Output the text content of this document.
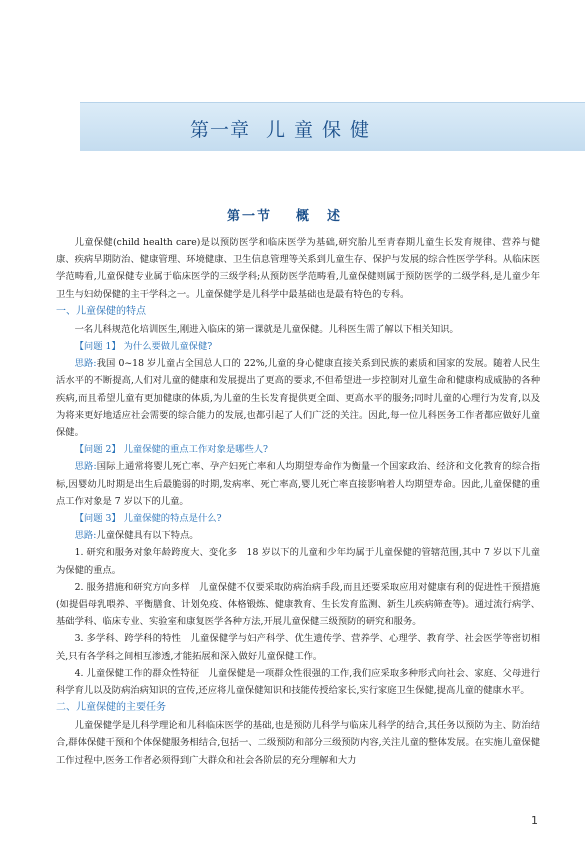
第一章 儿童保健
第一节 概述

儿童保健(child health care)是以预防医学和临床医学为基础,研究胎儿至青春期儿童生长发育规律、营养与健康、疾病早期防治、健康管理、环境健康、卫生信息管理等关系到儿童生存、保护与发展的综合性医学学科。从临床医学范畴看,儿童保健专业属于临床医学的三级学科;从预防医学范畴看,儿童保健则属于预防医学的二级学科,是儿童少年卫生与妇幼保健的主干学科之一。儿童保健学是儿科学中最基础也是最有特色的专科。

一、儿童保健的特点

一名儿科规范化培训医生,刚进入临床的第一课就是儿童保健。儿科医生需了解以下相关知识。

【问题 1】 为什么要做儿童保健?

思路:我国 0~18 岁儿童占全国总人口的 22%,儿童的身心健康直接关系到民族的素质和国家的发展。随着人民生活水平的不断提高,人们对儿童的健康和发展提出了更高的要求,不但希望进一步控制对儿童生命和健康构成威胁的各种疾病,而且希望儿童有更加健康的体质,为儿童的生长发育提供更全面、更高水平的服务;同时儿童的心理行为发育,以及为将来更好地适应社会需要的综合能力的发展,也都引起了人们广泛的关注。因此,每一位儿科医务工作者都应做好儿童保健。

【问题 2】 儿童保健的重点工作对象是哪些人?

思路:国际上通常将婴儿死亡率、孕产妇死亡率和人均期望寿命作为衡量一个国家政治、经济和文化教育的综合指标,因婴幼儿时期是出生后最脆弱的时期,发病率、死亡率高,婴儿死亡率直接影响着人均期望寿命。因此,儿童保健的重点工作对象是 7 岁以下的儿童。

【问题 3】 儿童保健的特点是什么?

思路:儿童保健具有以下特点。

1. 研究和服务对象年龄跨度大、变化多　18 岁以下的儿童和少年均属于儿童保健的管辖范围,其中 7 岁以下儿童为保健的重点。

2. 服务措施和研究方向多样　儿童保健不仅要采取防病治病手段,而且还要采取应用对健康有利的促进性干预措施(如提倡母乳喂养、平衡膳食、计划免疫、体格锻炼、健康教育、生长发育监测、新生儿疾病筛查等)。通过流行病学、基础学科、临床专业、实验室和康复医学各种方法,开展儿童保健三级预防的研究和服务。

3. 多学科、跨学科的特性　儿童保健学与妇产科学、优生遗传学、营养学、心理学、教育学、社会医学等密切相关,只有各学科之间相互渗透,才能拓展和深入做好儿童保健工作。

4. 儿童保健工作的群众性特征　儿童保健是一项群众性很强的工作,我们应采取多种形式向社会、家庭、父母进行科学育儿以及防病治病知识的宣传,还应将儿童保健知识和技能传授给家长,实行家庭卫生保健,提高儿童的健康水平。

二、儿童保健的主要任务

儿童保健学是儿科学理论和儿科临床医学的基础,也是预防儿科学与临床儿科学的结合,其任务以预防为主、防治结合,群体保健干预和个体保健服务相结合,包括一、二级预防和部分三级预防内容,关注儿童的整体发展。在实施儿童保健工作过程中,医务工作者必须得到广大群众和社会各阶层的充分理解和大力

1
